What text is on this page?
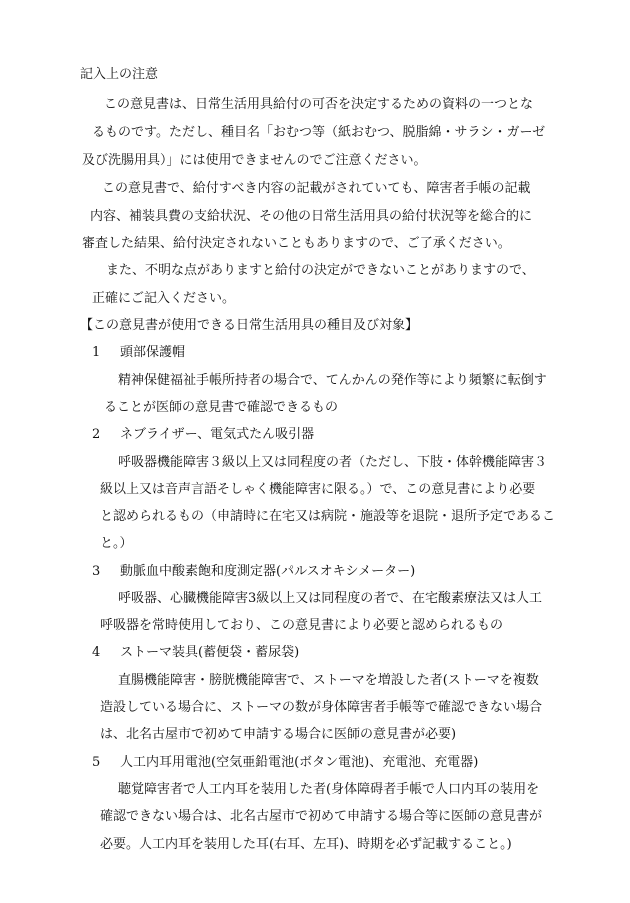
記入上の注意
この意見書は、日常生活用具給付の可否を決定するための資料の一つとな
るものです。ただし、種目名「おむつ等（紙おむつ、脱脂綿・サラシ・ガーゼ
及び洗腸用具）」には使用できませんのでご注意ください。
この意見書で、給付すべき内容の記載がされていても、障害者手帳の記載
内容、補装具費の支給状況、その他の日常生活用具の給付状況等を総合的に
審査した結果、給付決定されないこともありますので、ご了承ください。
また、不明な点がありますと給付の決定ができないことがありますので、
正確にご記入ください。
【この意見書が使用できる日常生活用具の種目及び対象】
1 頭部保護帽
精神保健福祉手帳所持者の場合で、てんかんの発作等により頻繁に転倒す
ることが医師の意見書で確認できるもの
2 ネブライザー、電気式たん吸引器
呼吸器機能障害３級以上又は同程度の者（ただし、下肢・体幹機能障害３
級以上又は音声言語そしゃく機能障害に限る。）で、この意見書により必要
と認められるもの（申請時に在宅又は病院・施設等を退院・退所予定であるこ
と。）
3 動脈血中酸素飽和度測定器(パルスオキシメーター)
呼吸器、心臓機能障害3級以上又は同程度の者で、在宅酸素療法又は人工
呼吸器を常時使用しており、この意見書により必要と認められるもの
4 ストーマ装具(蓄便袋・蓄尿袋)
直腸機能障害・膀胱機能障害で、ストーマを増設した者(ストーマを複数
造設している場合に、ストーマの数が身体障害者手帳等で確認できない場合
は、北名古屋市で初めて申請する場合に医師の意見書が必要)
5 人工内耳用電池(空気亜鉛電池(ボタン電池)、充電池、充電器)
聴覚障害者で人工内耳を装用した者(身体障碍者手帳で人口内耳の装用を
確認できない場合は、北名古屋市で初めて申請する場合等に医師の意見書が
必要。人工内耳を装用した耳(右耳、左耳)、時期を必ず記載すること。)
